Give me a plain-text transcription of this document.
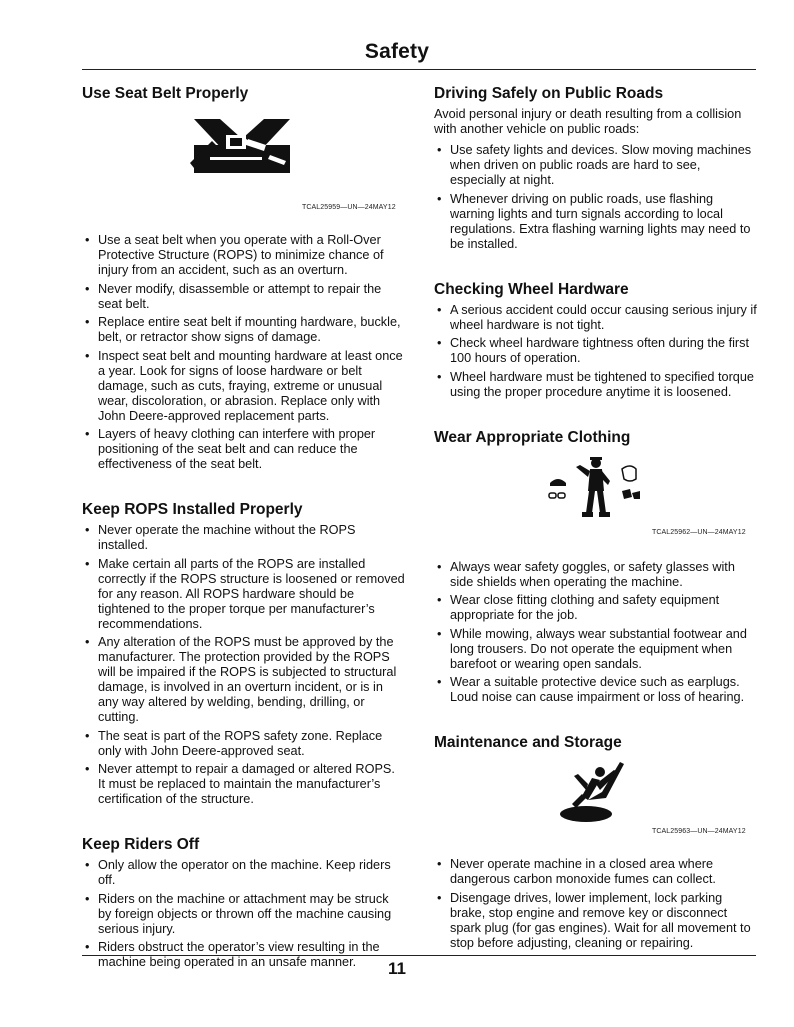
Safety
Use Seat Belt Properly
TCAL25959—UN—24MAY12
• Use a seat belt when you operate with a Roll-Over Protective Structure (ROPS) to minimize chance of injury from an accident, such as an overturn.
• Never modify, disassemble or attempt to repair the seat belt.
• Replace entire seat belt if mounting hardware, buckle, belt, or retractor show signs of damage.
• Inspect seat belt and mounting hardware at least once a year. Look for signs of loose hardware or belt damage, such as cuts, fraying, extreme or unusual wear, discoloration, or abrasion. Replace only with John Deere-approved replacement parts.
• Layers of heavy clothing can interfere with proper positioning of the seat belt and can reduce the effectiveness of the seat belt.
Keep ROPS Installed Properly
• Never operate the machine without the ROPS installed.
• Make certain all parts of the ROPS are installed correctly if the ROPS structure is loosened or removed for any reason. All ROPS hardware should be tightened to the proper torque per manufacturer’s recommendations.
• Any alteration of the ROPS must be approved by the manufacturer. The protection provided by the ROPS will be impaired if the ROPS is subjected to structural damage, is involved in an overturn incident, or is in any way altered by welding, bending, drilling, or cutting.
• The seat is part of the ROPS safety zone. Replace only with John Deere-approved seat.
• Never attempt to repair a damaged or altered ROPS. It must be replaced to maintain the manufacturer’s certification of the structure.
Keep Riders Off
• Only allow the operator on the machine. Keep riders off.
• Riders on the machine or attachment may be struck by foreign objects or thrown off the machine causing serious injury.
• Riders obstruct the operator’s view resulting in the machine being operated in an unsafe manner.
Driving Safely on Public Roads

Avoid personal injury or death resulting from a collision with another vehicle on public roads:

• Use safety lights and devices. Slow moving machines when driven on public roads are hard to see, especially at night.
• Whenever driving on public roads, use flashing warning lights and turn signals according to local regulations. Extra flashing warning lights may need to be installed.
Checking Wheel Hardware
• A serious accident could occur causing serious injury if wheel hardware is not tight.
• Check wheel hardware tightness often during the first 100 hours of operation.
• Wheel hardware must be tightened to specified torque using the proper procedure anytime it is loosened.
Wear Appropriate Clothing
TCAL25962—UN—24MAY12
• Always wear safety goggles, or safety glasses with side shields when operating the machine.
• Wear close fitting clothing and safety equipment appropriate for the job.
• While mowing, always wear substantial footwear and long trousers. Do not operate the equipment when barefoot or wearing open sandals.
• Wear a suitable protective device such as earplugs. Loud noise can cause impairment or loss of hearing.
Maintenance and Storage
TCAL25963—UN—24MAY12
• Never operate machine in a closed area where dangerous carbon monoxide fumes can collect.
• Disengage drives, lower implement, lock parking brake, stop engine and remove key or disconnect spark plug (for gas engines). Wait for all movement to stop before adjusting, cleaning or repairing.
11
